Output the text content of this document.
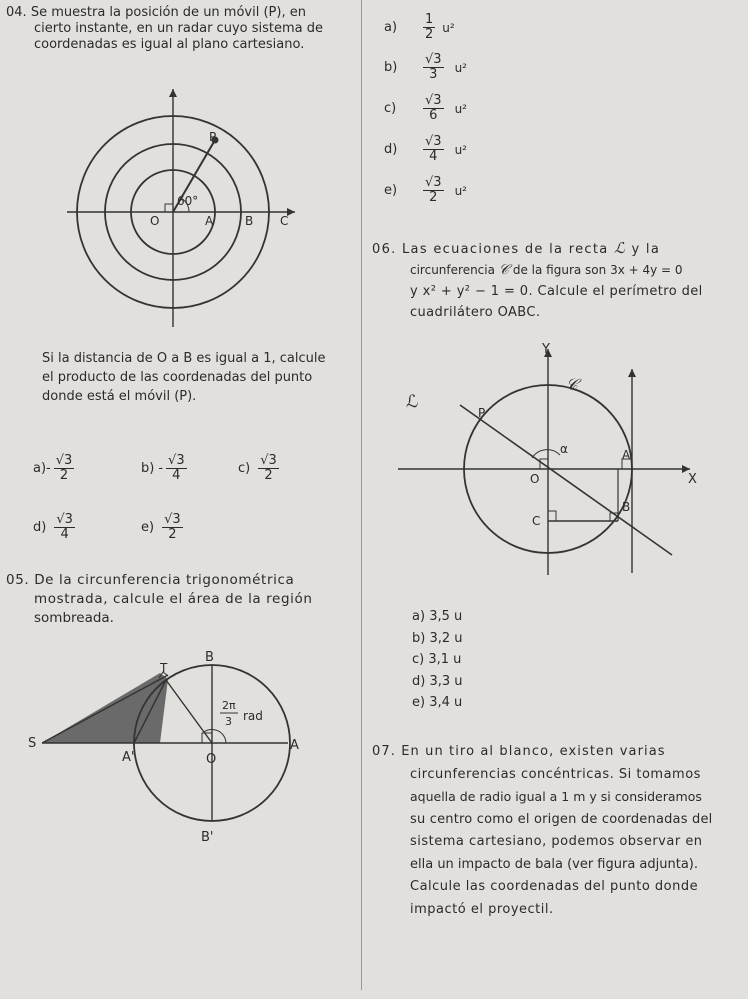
04. Se muestra la posición de un móvil (P), en
cierto instante, en un radar cuyo sistema de
coordenadas es igual al plano cartesiano.
P
60°
O	A	B C
Si la distancia de O a B es igual a 1, calcule
el producto de las coordenadas del punto
donde está el móvil (P).
$a) - \frac{√3}{2}$	$b) - \frac{√3}{4}$	$c) \frac{√3}{2}$
$d) \frac{√3}{4}$	$e) \frac{√3}{2}$
05. De la circunferencia trigonométrica
mostrada, calcule el área de la región
sombreada.
T
B
S
A'	O
A
B'
2π
3 rad
a)	$\frac{1}{2} u^2$
b)	$\frac{√3}{3} u^2$
c)	$\frac{√3}{6} u^2$
d)	$\frac{√3}{4} u^2$
e)	$\frac{√3}{2} u^2$
06. Las ecuaciones de la recta ℒ y la
circunferencia 𝒞 de la figura son 3x + 4y = 0
y x² + y² − 1 = 0. Calcule el perímetro del
cuadrilátero OABC.
Y
X
𝒞
ℒ
P
α	A
O
B
C
a) 3,5 u
b) 3,2 u
c) 3,1 u
d) 3,3 u
e) 3,4 u
07. En un tiro al blanco, existen varias
circunferencias concéntricas. Si tomamos
aquella de radio igual a 1 m y si consideramos
su centro como el origen de coordenadas del
sistema cartesiano, podemos observar en
ella un impacto de bala (ver figura adjunta).
Calcule las coordenadas del punto donde
impactó el proyectil.
